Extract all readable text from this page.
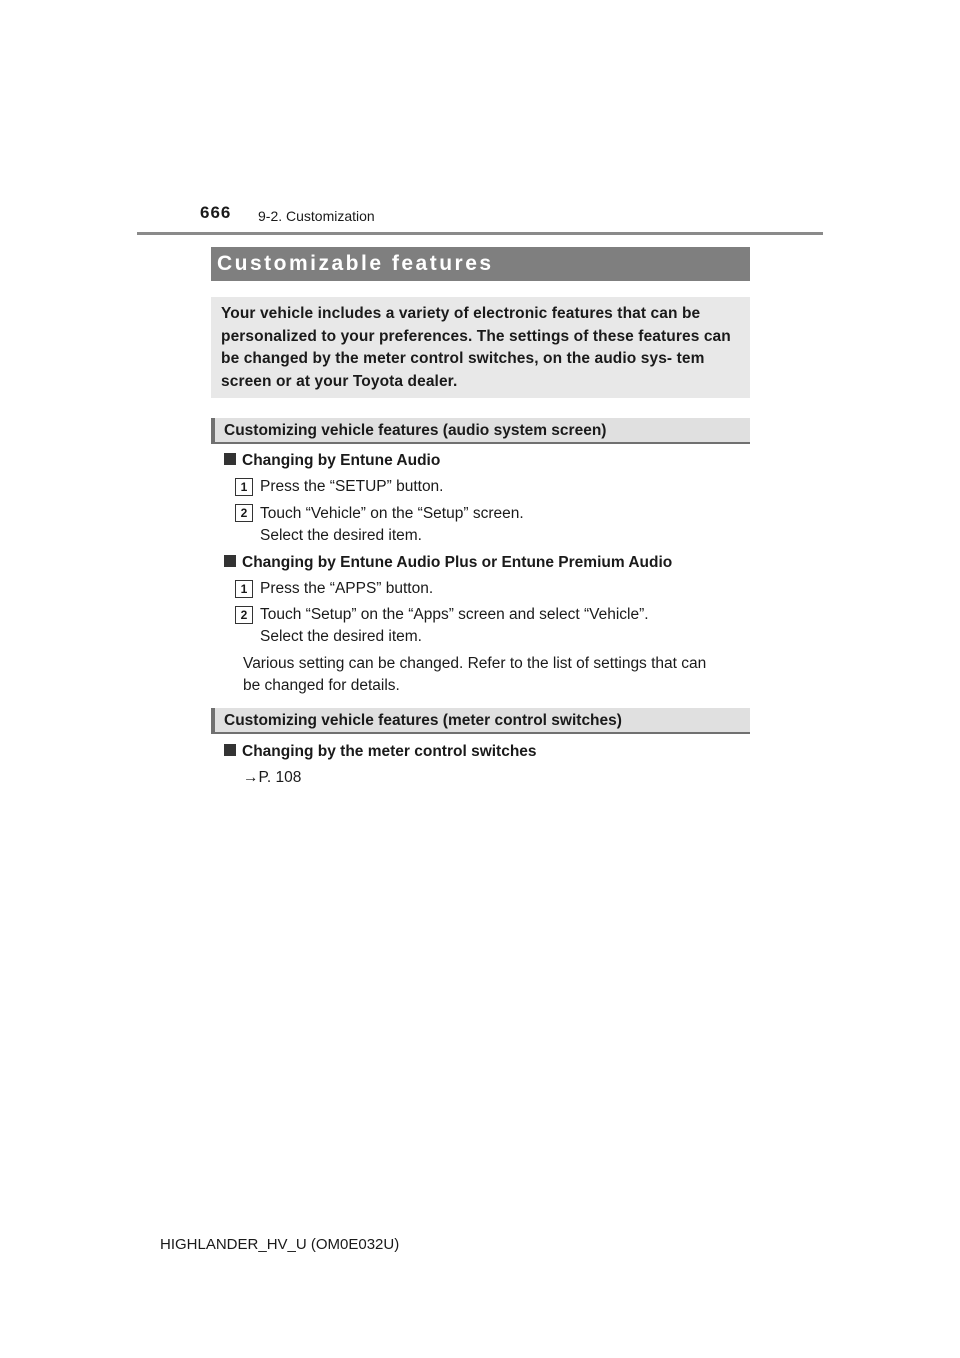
666 9-2. Customization
Customizable features
Your vehicle includes a variety of electronic features that can be personalized to your preferences. The settings of these features can be changed by the meter control switches, on the audio sys- tem screen or at your Toyota dealer.
Customizing vehicle features (audio system screen)
Changing by Entune Audio
1 Press the “SETUP” button.
2 Touch “Vehicle” on the “Setup” screen.
Select the desired item.
Changing by Entune Audio Plus or Entune Premium Audio
1 Press the “APPS” button.
2 Touch “Setup” on the “Apps” screen and select “Vehicle”.
Select the desired item.
Various setting can be changed. Refer to the list of settings that can
be changed for details.
Customizing vehicle features (meter control switches)
Changing by the meter control switches
→P. 108
HIGHLANDER_HV_U (OM0E032U)
